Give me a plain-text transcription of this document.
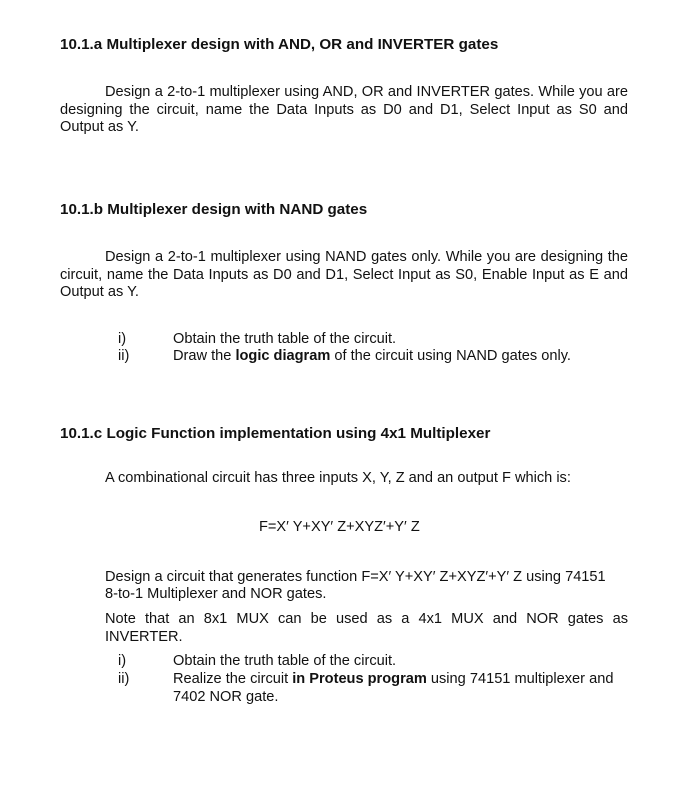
10.1.a Multiplexer design with AND, OR and INVERTER gates
Design a 2-to-1 multiplexer using AND, OR and INVERTER gates. While you are designing the circuit, name the Data Inputs as D0 and D1, Select Input as S0 and Output as Y.
10.1.b Multiplexer design with NAND gates
Design a 2-to-1 multiplexer using NAND gates only. While you are designing the circuit, name the Data Inputs as D0 and D1, Select Input as S0, Enable Input as E and Output as Y.
i)	Obtain the truth table of the circuit.
ii)	Draw the logic diagram of the circuit using NAND gates only.
10.1.c Logic Function implementation using 4x1 Multiplexer
A combinational circuit has three inputs X, Y, Z and an output F which is:
F=X′ Y+XY′ Z+XYZ′+Y′ Z
Design a circuit that generates function F=X′ Y+XY′ Z+XYZ′+Y′ Z using 74151
8-to-1 Multiplexer and NOR gates.
Note that an 8x1 MUX can be used as a 4x1 MUX and NOR gates as INVERTER.
i)	Obtain the truth table of the circuit.
ii)	Realize the circuit in Proteus program using 74151 multiplexer and 7402 NOR gate.
